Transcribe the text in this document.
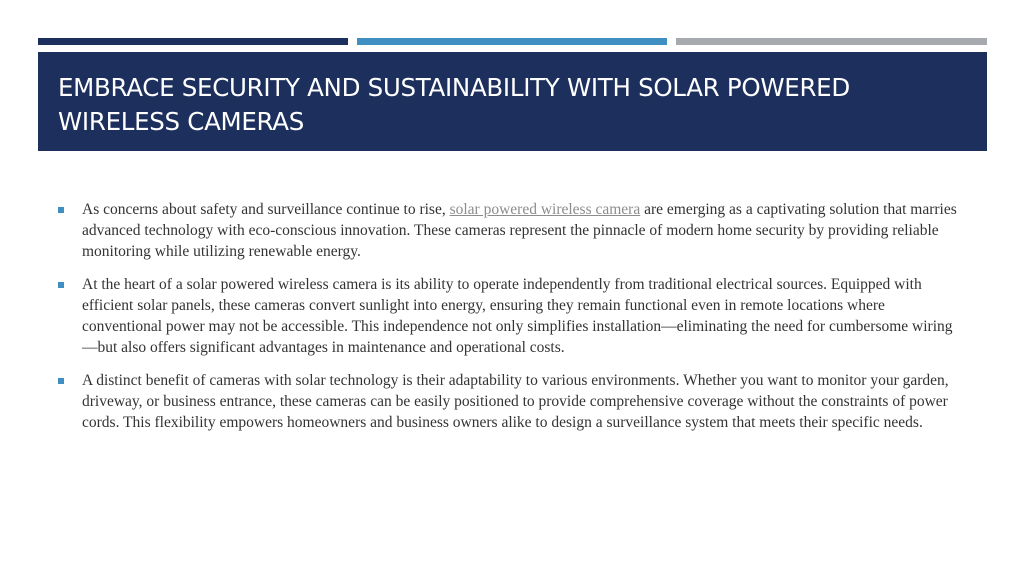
EMBRACE SECURITY AND SUSTAINABILITY WITH SOLAR POWERED
WIRELESS CAMERAS

As concerns about safety and surveillance continue to rise, solar powered wireless camera are emerging as a captivating solution that marries advanced technology with eco-conscious innovation. These cameras represent the pinnacle of modern home security by providing reliable monitoring while utilizing renewable energy.

At the heart of a solar powered wireless camera is its ability to operate independently from traditional electrical sources. Equipped with efficient solar panels, these cameras convert sunlight into energy, ensuring they remain functional even in remote locations where conventional power may not be accessible. This independence not only simplifies installation—eliminating the need for cumbersome wiring—but also offers significant advantages in maintenance and operational costs.

A distinct benefit of cameras with solar technology is their adaptability to various environments. Whether you want to monitor your garden, driveway, or business entrance, these cameras can be easily positioned to provide comprehensive coverage without the constraints of power cords. This flexibility empowers homeowners and business owners alike to design a surveillance system that meets their specific needs.
